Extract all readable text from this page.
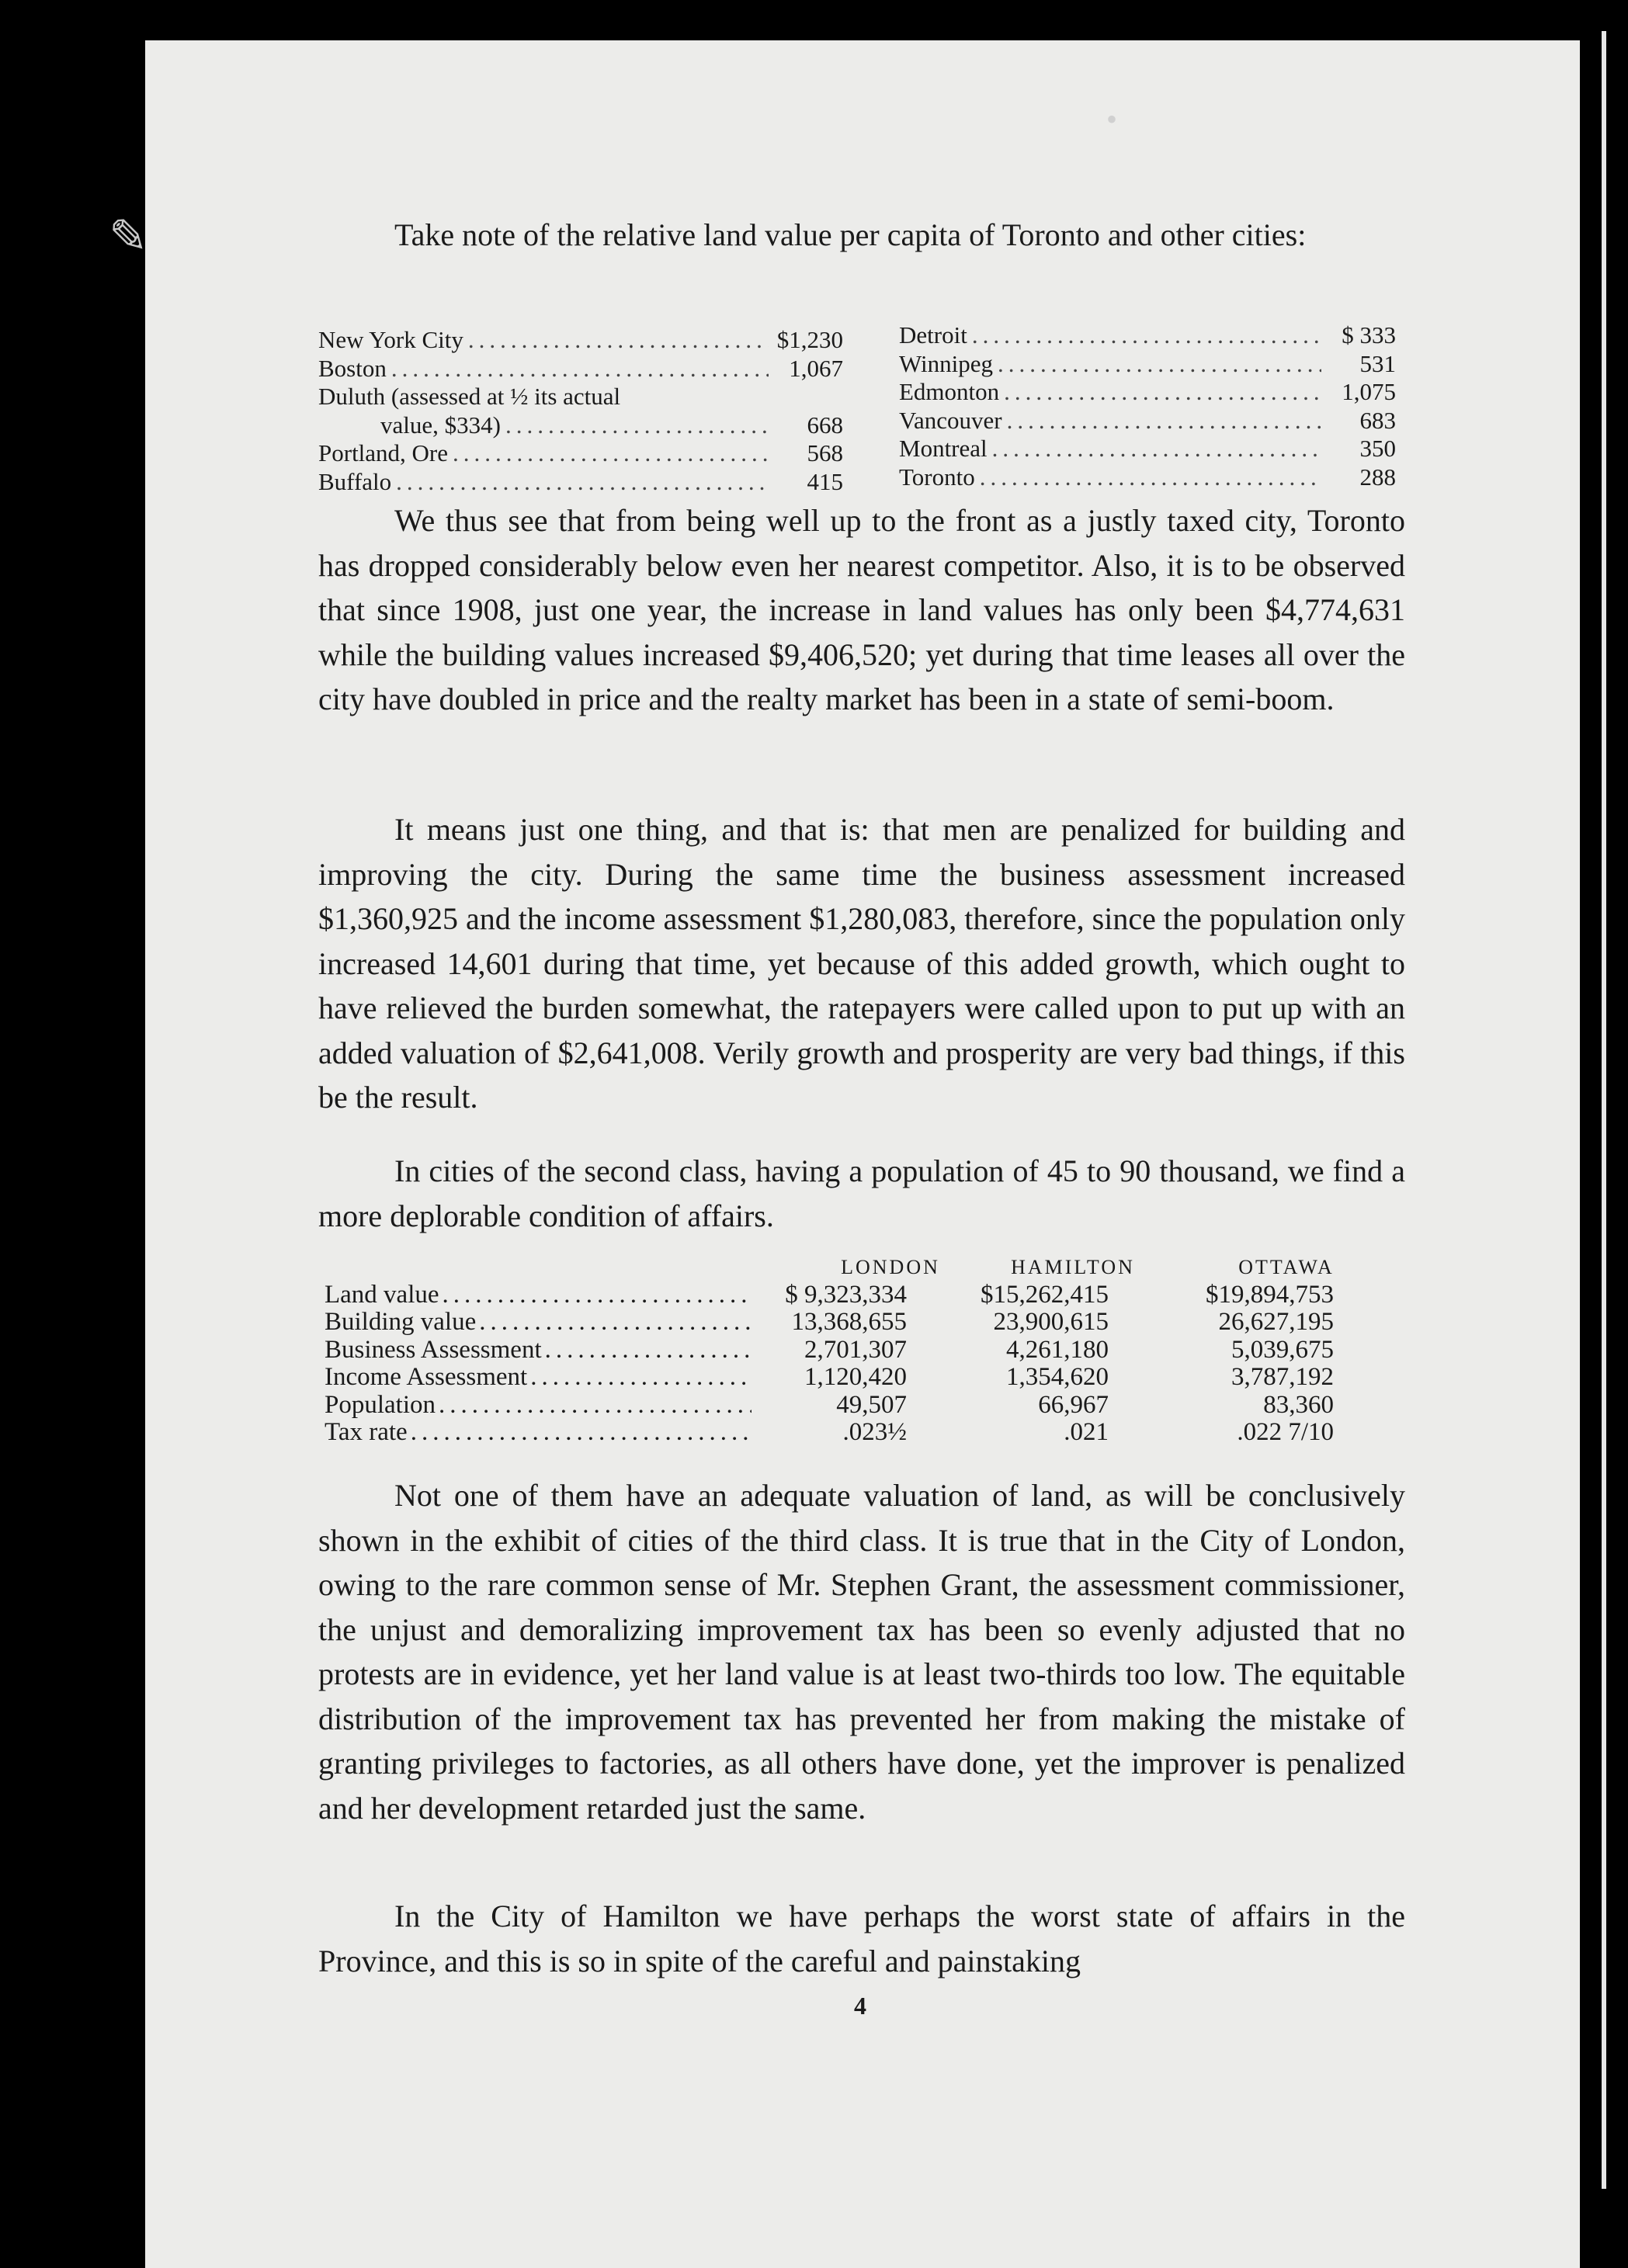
•
✎	Take note of the relative land value per capita of Toronto and other cities:

New York City .....	$1,230
Boston .....	1,067
Duluth (assessed at ½ its actual
value, $334) .....	668
Portland, Ore .....	568
Buffalo .....	415
Detroit .....	$ 333
Winnipeg .....	531
Edmonton .....	1,075
Vancouver .....	683
Montreal .....	350
Toronto .....	288

We thus see that from being well up to the front as a justly taxed city, Toronto has dropped considerably below even her nearest competitor. Also, it is to be observed that since 1908, just one year, the increase in land values has only been $4,774,631 while the building values increased $9,406,520; yet during that time leases all over the city have doubled in price and the realty market has been in a state of semi-boom.

It means just one thing, and that is: that men are penalized for building and improving the city. During the same time the business assessment increased $1,360,925 and the income assessment $1,280,083, therefore, since the population only increased 14,601 during that time, yet because of this added growth, which ought to have relieved the burden somewhat, the ratepayers were called upon to put up with an added valuation of $2,641,008. Verily growth and prosperity are very bad things, if this be the result.

In cities of the second class, having a population of 45 to 90 thousand, we find a more deplorable condition of affairs.

LONDON	HAMILTON	OTTAWA
Land value .....	$ 9,323,334	$15,262,415	$19,894,753
Building value .....	13,368,655	23,900,615	26,627,195
Business Assessment .....	2,701,307	4,261,180	5,039,675
Income Assessment .....	1,120,420	1,354,620	3,787,192
Population .....	49,507	66,967	83,360
Tax rate .....	.023½	.021	.022 7/10

Not one of them have an adequate valuation of land, as will be conclusively shown in the exhibit of cities of the third class. It is true that in the City of London, owing to the rare common sense of Mr. Stephen Grant, the assessment commissioner, the unjust and demoralizing improvement tax has been so evenly adjusted that no protests are in evidence, yet her land value is at least two-thirds too low. The equitable distribution of the improvement tax has prevented her from making the mistake of granting privileges to factories, as all others have done, yet the improver is penalized and her development retarded just the same.

In the City of Hamilton we have perhaps the worst state of affairs in the Province, and this is so in spite of the careful and painstaking

4
